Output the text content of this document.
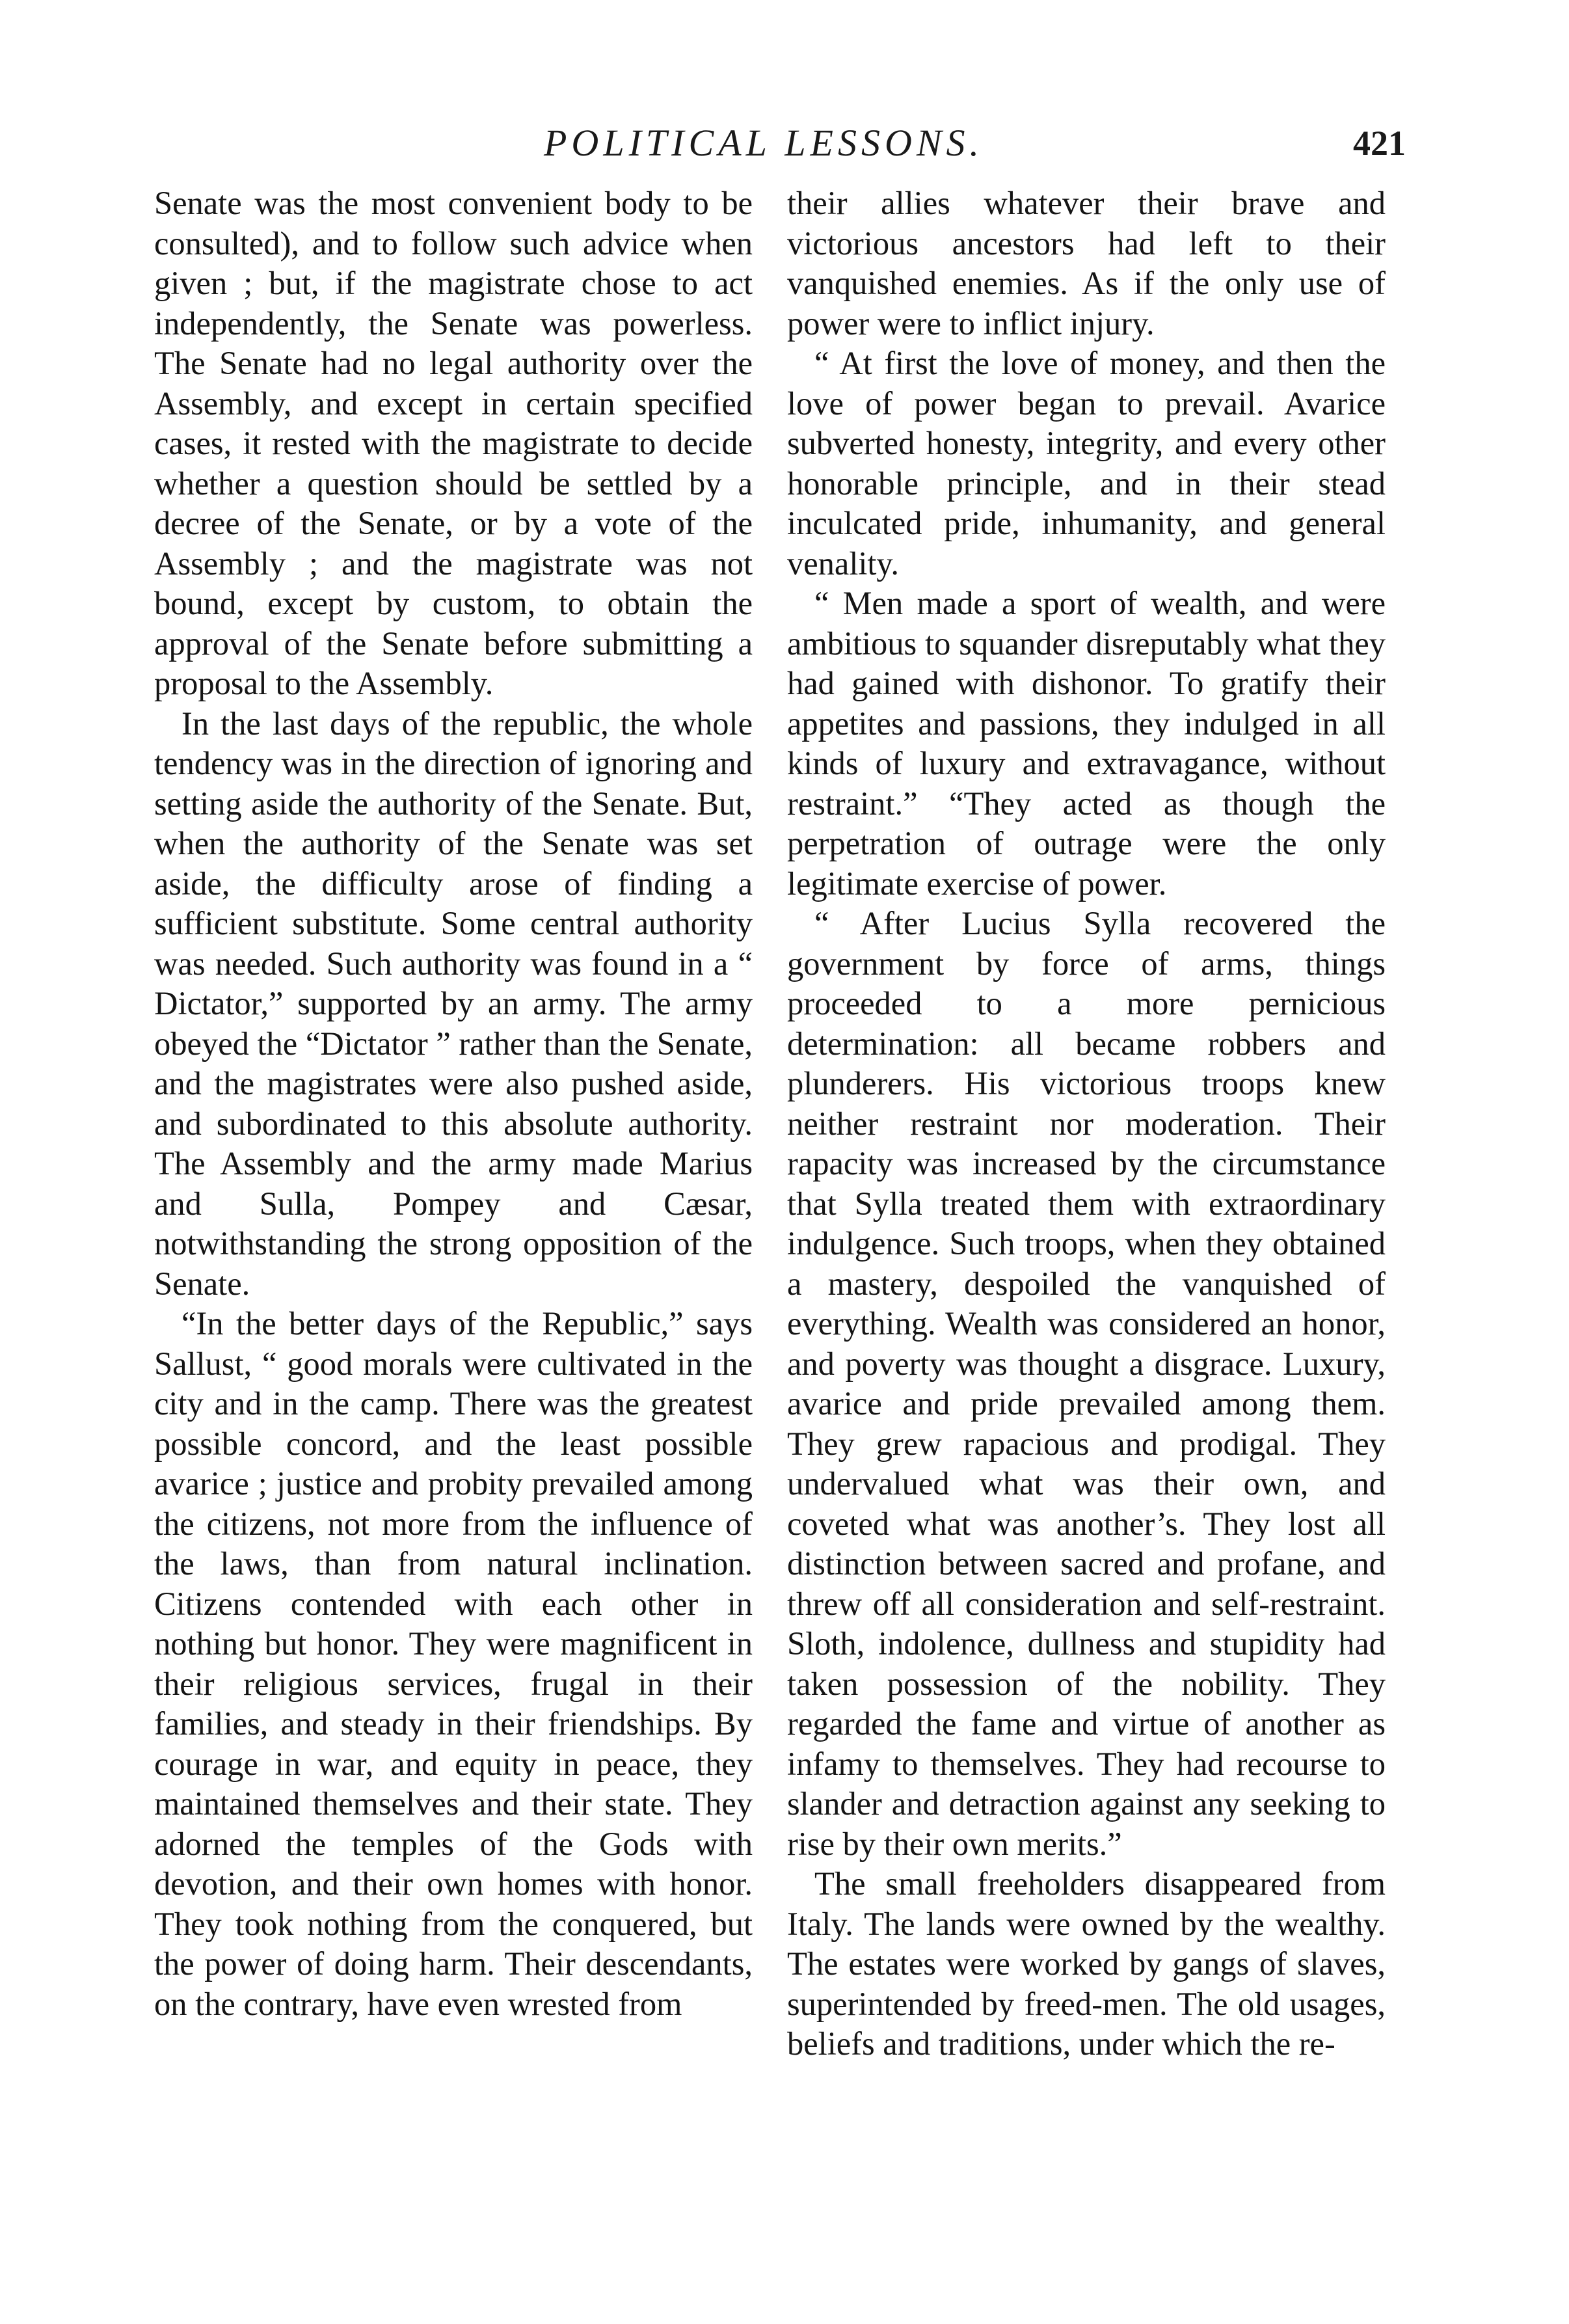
POLITICAL LESSONS.	421

Senate was the most convenient body to be consulted), and to follow such advice when given ; but, if the magistrate chose to act independently, the Senate was powerless. The Senate had no legal authority over the Assembly, and except in certain specified cases, it rested with the magistrate to decide whether a question should be settled by a decree of the Senate, or by a vote of the Assembly ; and the magistrate was not bound, except by custom, to obtain the approval of the Senate before submitting a proposal to the Assembly.

In the last days of the republic, the whole tendency was in the direction of ignoring and setting aside the authority of the Senate. But, when the authority of the Senate was set aside, the difficulty arose of finding a sufficient substitute. Some central authority was needed. Such authority was found in a “ Dictator,” supported by an army. The army obeyed the “Dictator ” rather than the Senate, and the magistrates were also pushed aside, and subordinated to this absolute authority. The Assembly and the army made Marius and Sulla, Pompey and Cæsar, notwithstanding the strong opposition of the Senate.

“In the better days of the Republic,” says Sallust, “ good morals were cultivated in the city and in the camp. There was the greatest possible concord, and the least possible avarice ; justice and probity prevailed among the citizens, not more from the influence of the laws, than from natural inclination. Citizens contended with each other in nothing but honor. They were magnificent in their religious services, frugal in their families, and steady in their friendships. By courage in war, and equity in peace, they maintained themselves and their state. They adorned the temples of the Gods with devotion, and their own homes with honor. They took nothing from the conquered, but the power of doing harm. Their descendants, on the contrary, have even wrested from

their allies whatever their brave and victorious ancestors had left to their vanquished enemies. As if the only use of power were to inflict injury.

“ At first the love of money, and then the love of power began to prevail. Avarice subverted honesty, integrity, and every other honorable principle, and in their stead inculcated pride, inhumanity, and general venality.

“ Men made a sport of wealth, and were ambitious to squander disreputably what they had gained with dishonor. To gratify their appetites and passions, they indulged in all kinds of luxury and extravagance, without restraint.” “They acted as though the perpetration of outrage were the only legitimate exercise of power.

“ After Lucius Sylla recovered the government by force of arms, things proceeded to a more pernicious determination: all became robbers and plunderers. His victorious troops knew neither restraint nor moderation. Their rapacity was increased by the circumstance that Sylla treated them with extraordinary indulgence. Such troops, when they obtained a mastery, despoiled the vanquished of everything. Wealth was considered an honor, and poverty was thought a disgrace. Luxury, avarice and pride prevailed among them. They grew rapacious and prodigal. They undervalued what was their own, and coveted what was another’s. They lost all distinction between sacred and profane, and threw off all consideration and self-restraint. Sloth, indolence, dullness and stupidity had taken possession of the nobility. They regarded the fame and virtue of another as infamy to themselves. They had recourse to slander and detraction against any seeking to rise by their own merits.”

The small freeholders disappeared from Italy. The lands were owned by the wealthy. The estates were worked by gangs of slaves, superintended by freed-men. The old usages, beliefs and traditions, under which the re-
